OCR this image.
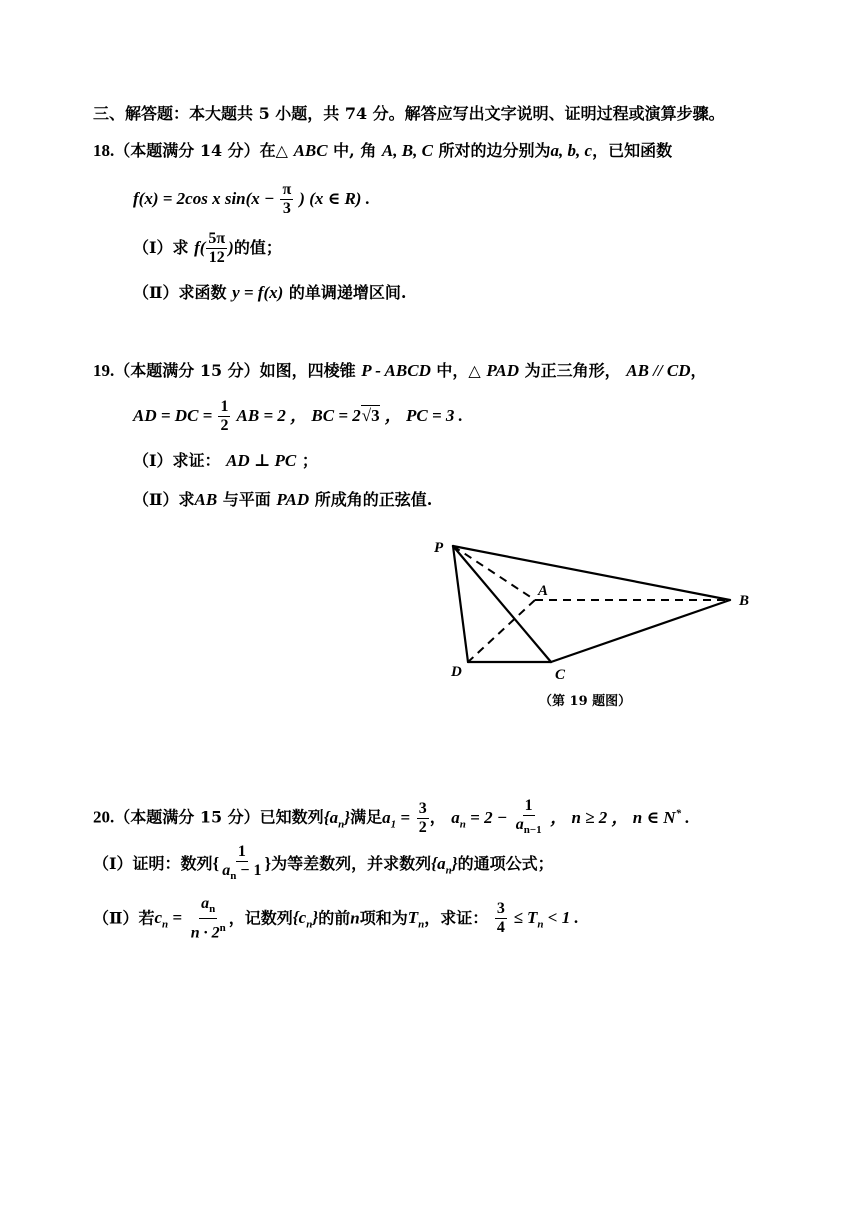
三、解答题：本大题共 5 小题，共 74 分。解答应写出文字说明、证明过程或演算步骤。
18.（本题满分 14 分）在△ ABC 中, 角 A, B, C 所对的边分别为a, b, c，已知函数
f(x) = 2cos x $\sin(x - \frac{\pi}{3}$ ) (x ∈ R) .
（Ⅰ）求 $f( \frac{5\pi}{12}$ )的值；
（Ⅱ）求函数 y = f(x) 的单调递增区间.
19.（本题满分 15 分）如图，四棱锥 P - ABCD 中，△ PAD 为正三角形， AB // CD，
AD = DC = $\frac{1}{2}$ AB = 2 ， BC = 2√3 ， PC = 3 .
（Ⅰ）求证： AD ⊥ PC ；
（Ⅱ）求AB 与平面 PAD 所成角的正弦值.
P
A
B
C
D
（第 19 题图）
20.（本题满分 15 分）已知数列$\{a_n\}$满足$a_1 = \frac{3}{2}$ ， $a_n = 2 - \frac{1}{a_{n-1}}$ ， n ≥ 2 ， n ∈ N* .
（Ⅰ）证明：数列{ $\frac{1}{a_n - 1}$ }为等差数列，并求数列$\{a_n\}$的通项公式；
（Ⅱ）若$c_n = \frac{a_n}{n \cdot 2^n}$ ，记数列$\{c_n\}$的前n项和为$T_n$，求证： $\frac{3}{4} \le T_n < 1$ .
